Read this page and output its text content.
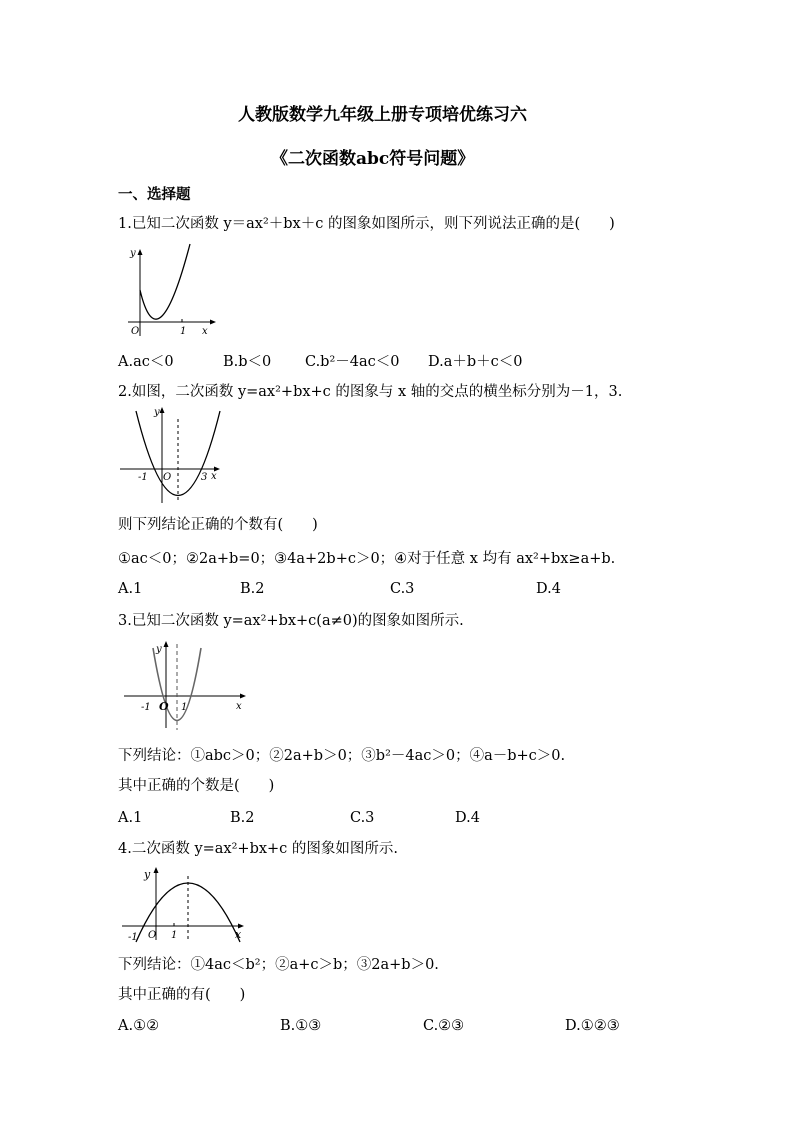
人教版数学九年级上册专项培优练习六
《二次函数abc符号问题》
一、选择题
1.已知二次函数 y＝ax²＋bx＋c 的图象如图所示，则下列说法正确的是(　　)
y
x
O	1
A.ac＜0	B.b＜0 C.b²－4ac＜0 D.a＋b＋c＜0
2.如图，二次函数 y=ax²+bx+c 的图象与 x 轴的交点的横坐标分别为－1，3.
y
x
O
-1	3
则下列结论正确的个数有(　　)
①ac＜0；②2a+b=0；③4a+2b+c＞0；④对于任意 x 均有 ax²+bx≥a+b.
A.1	B.2	C.3	D.4
3.已知二次函数 y=ax²+bx+c(a≠0)的图象如图所示.
y
x
O
-1	1
下列结论：①abc＞0；②2a+b＞0；③b²－4ac＞0；④a－b+c＞0.
其中正确的个数是(　　)
A.1	B.2	C.3	D.4
4.二次函数 y=ax²+bx+c 的图象如图所示.
y
x
O
-1	1
下列结论：①4ac＜b²；②a+c＞b；③2a+b＞0.
其中正确的有(　　)
A.①②	B.①③	C.②③	D.①②③
